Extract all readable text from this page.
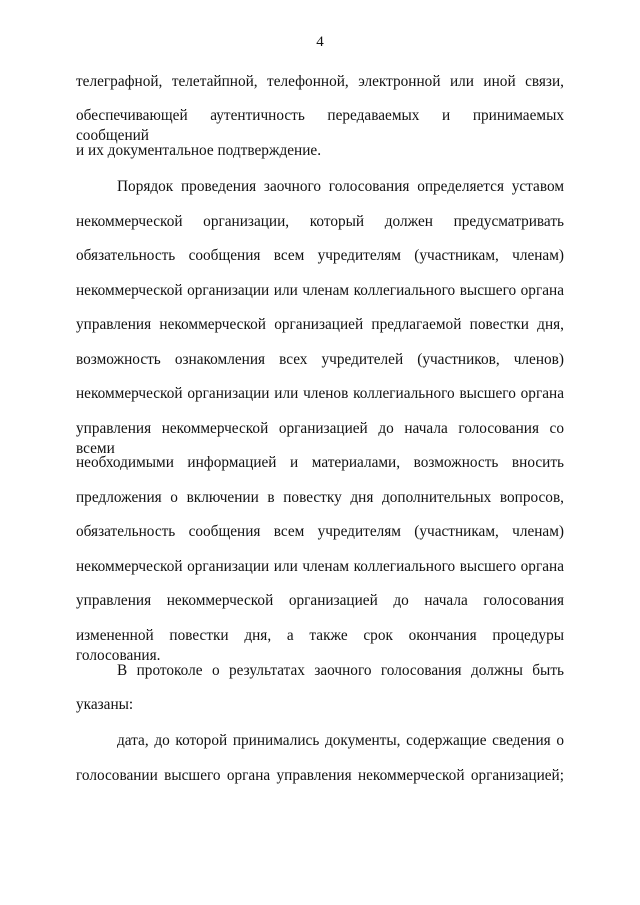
4
телеграфной, телетайпной, телефонной, электронной или иной связи,
обеспечивающей аутентичность передаваемых и принимаемых сообщений
и их документальное подтверждение.
Порядок проведения заочного голосования определяется уставом
некоммерческой организации, который должен предусматривать
обязательность сообщения всем учредителям (участникам, членам)
некоммерческой организации или членам коллегиального высшего органа
управления некоммерческой организацией предлагаемой повестки дня,
возможность ознакомления всех учредителей (участников, членов)
некоммерческой организации или членов коллегиального высшего органа
управления некоммерческой организацией до начала голосования со всеми
необходимыми информацией и материалами, возможность вносить
предложения о включении в повестку дня дополнительных вопросов,
обязательность сообщения всем учредителям (участникам, членам)
некоммерческой организации или членам коллегиального высшего органа
управления некоммерческой организацией до начала голосования
измененной повестки дня, а также срок окончания процедуры голосования.
В протоколе о результатах заочного голосования должны быть
указаны:
дата, до которой принимались документы, содержащие сведения о
голосовании высшего органа управления некоммерческой организацией;
